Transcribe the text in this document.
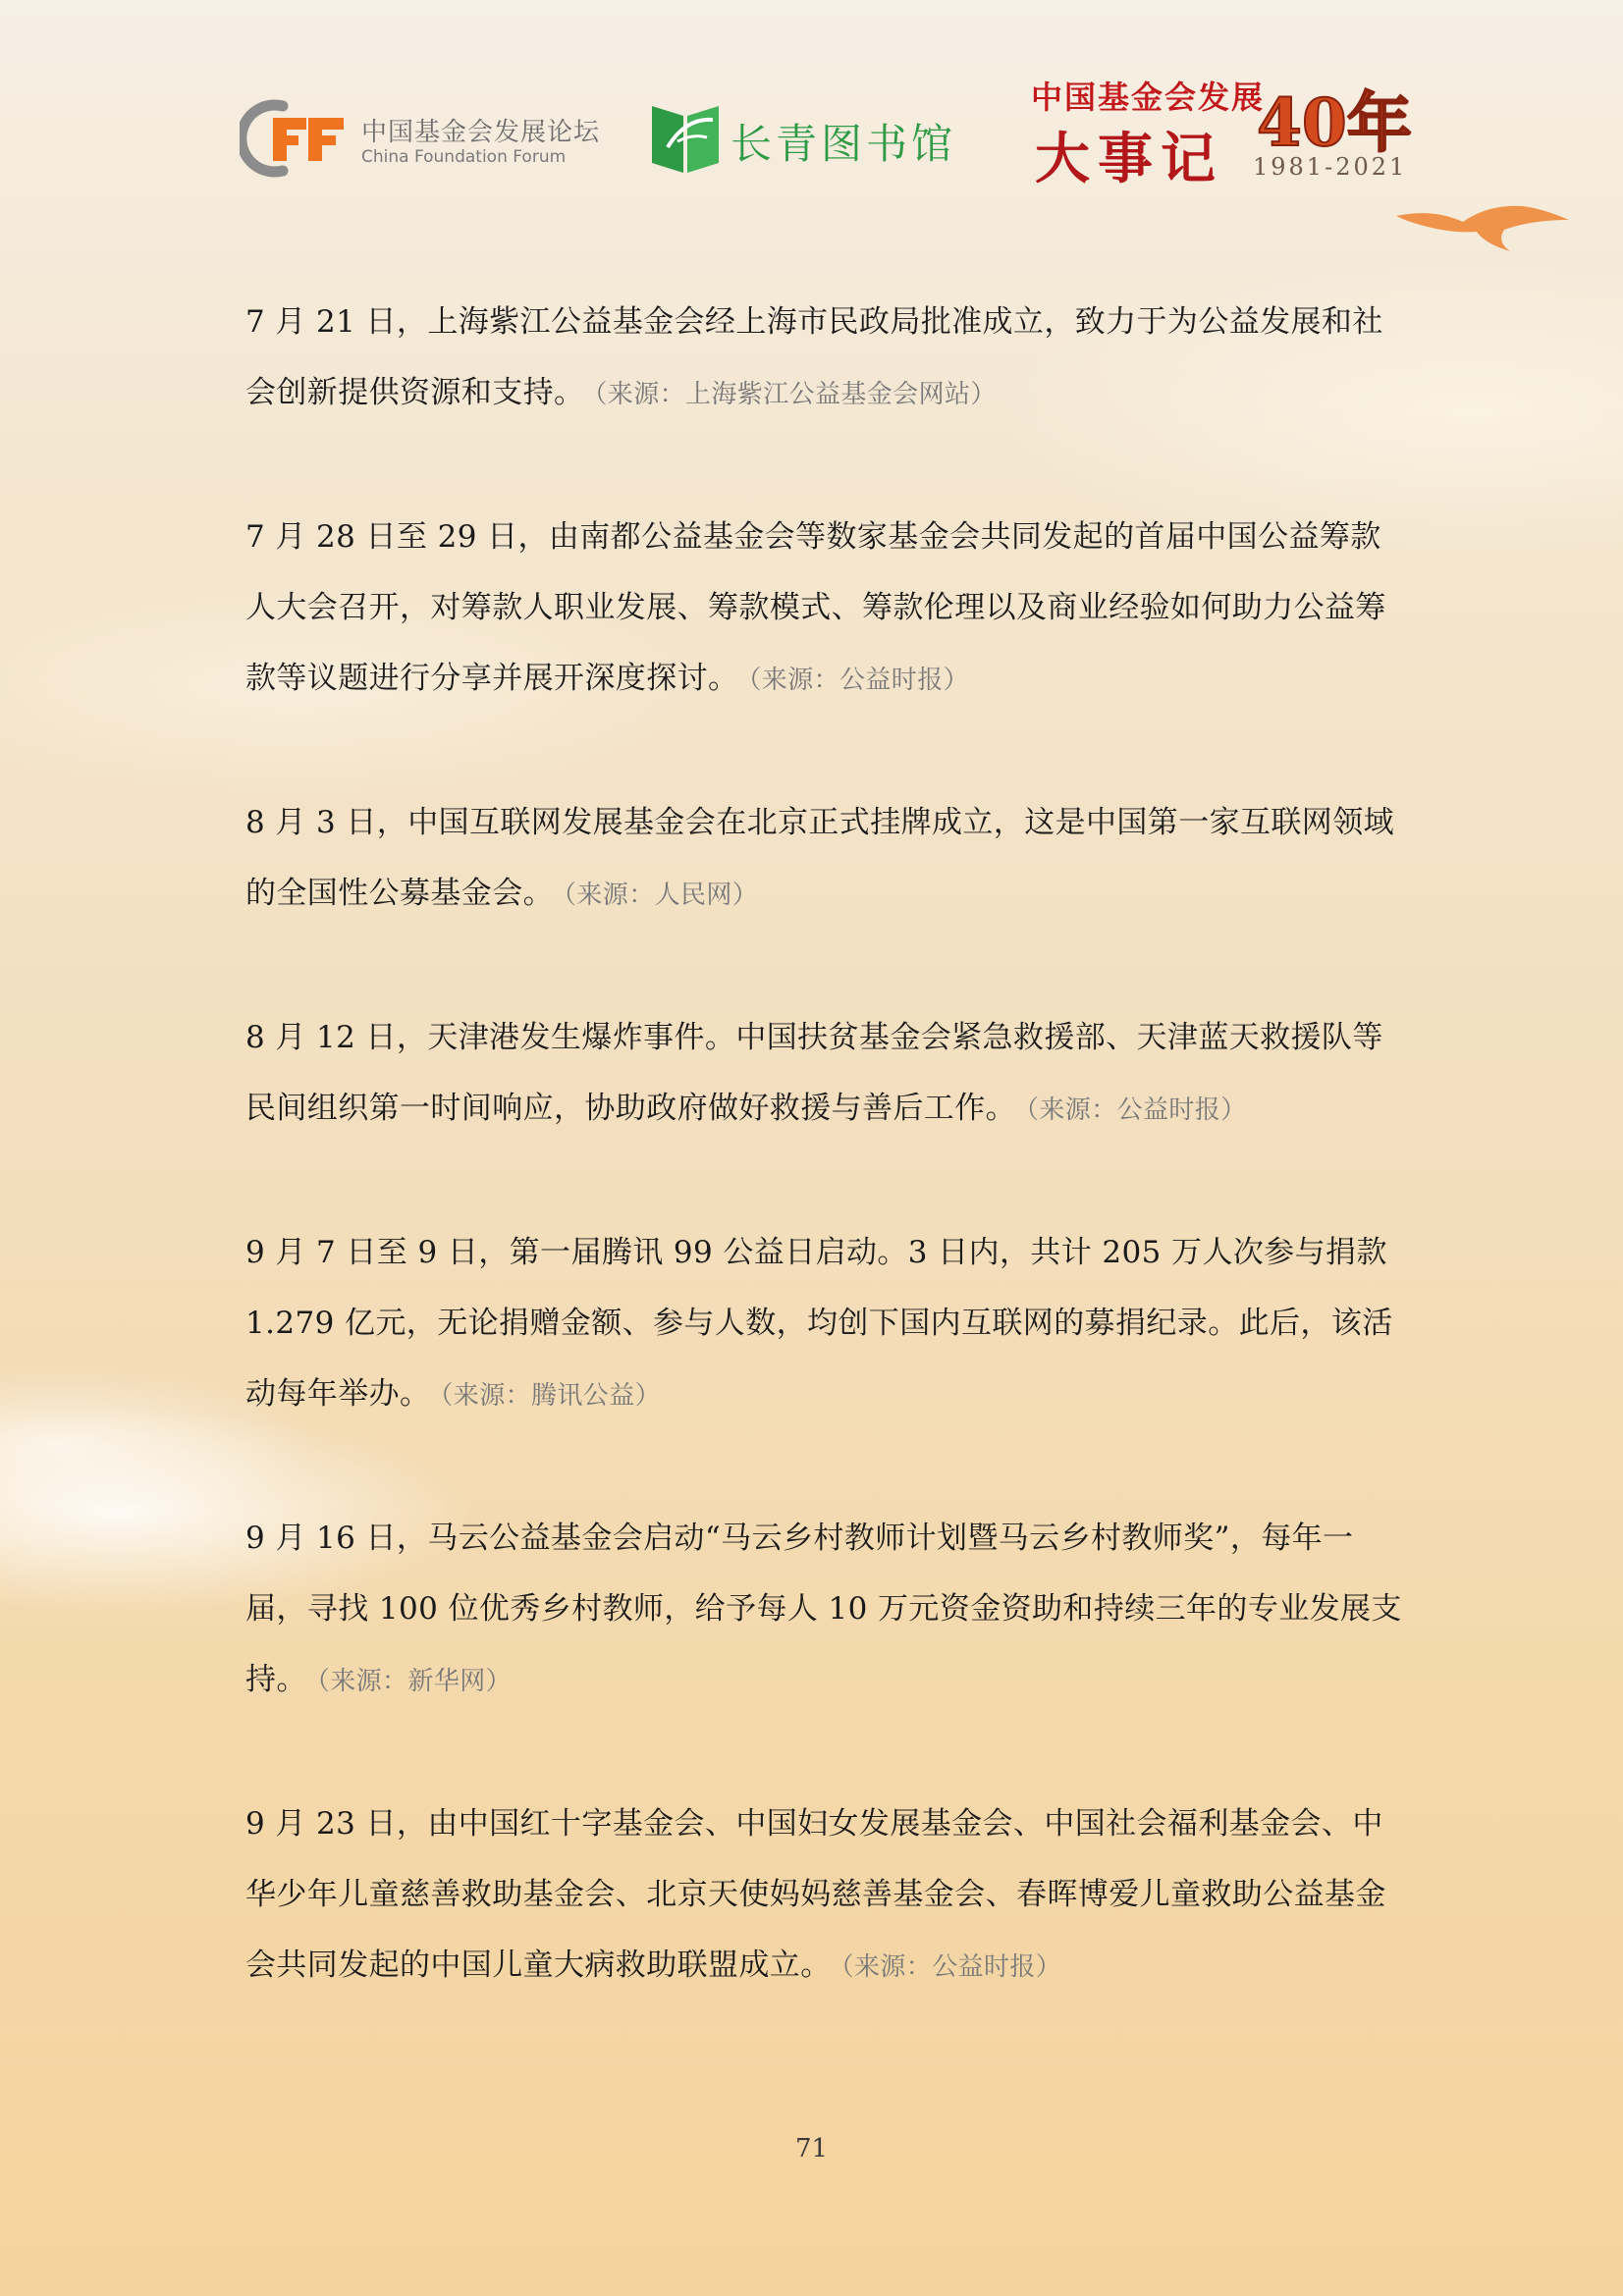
中国基金会发展论坛
China Foundation Forum	长青图书馆
中国基金会发展
大事记 40年
1981-2021

7 月 21 日，上海紫江公益基金会经上海市民政局批准成立，致力于为公益发展和社会创新提供资源和支持。 （来源：上海紫江公益基金会网站）

7 月 28 日至 29 日，由南都公益基金会等数家基金会共同发起的首届中国公益筹款人大会召开，对筹款人职业发展、筹款模式、筹款伦理以及商业经验如何助力公益筹款等议题进行分享并展开深度探讨。 （来源：公益时报）

8 月 3 日，中国互联网发展基金会在北京正式挂牌成立，这是中国第一家互联网领域的全国性公募基金会。 （来源：人民网）

8 月 12 日，天津港发生爆炸事件。中国扶贫基金会紧急救援部、天津蓝天救援队等民间组织第一时间响应，协助政府做好救援与善后工作。 （来源：公益时报）

9 月 7 日至 9 日，第一届腾讯 99 公益日启动。3 日内，共计 205 万人次参与捐款 1.279 亿元，无论捐赠金额、参与人数，均创下国内互联网的募捐纪录。此后，该活动每年举办。 （来源：腾讯公益）

9 月 16 日，马云公益基金会启动“马云乡村教师计划暨马云乡村教师奖”，每年一届，寻找 100 位优秀乡村教师，给予每人 10 万元资金资助和持续三年的专业发展支持。 （来源：新华网）

9 月 23 日，由中国红十字基金会、中国妇女发展基金会、中国社会福利基金会、中华少年儿童慈善救助基金会、北京天使妈妈慈善基金会、春晖博爱儿童救助公益基金会共同发起的中国儿童大病救助联盟成立。 （来源：公益时报）

71
